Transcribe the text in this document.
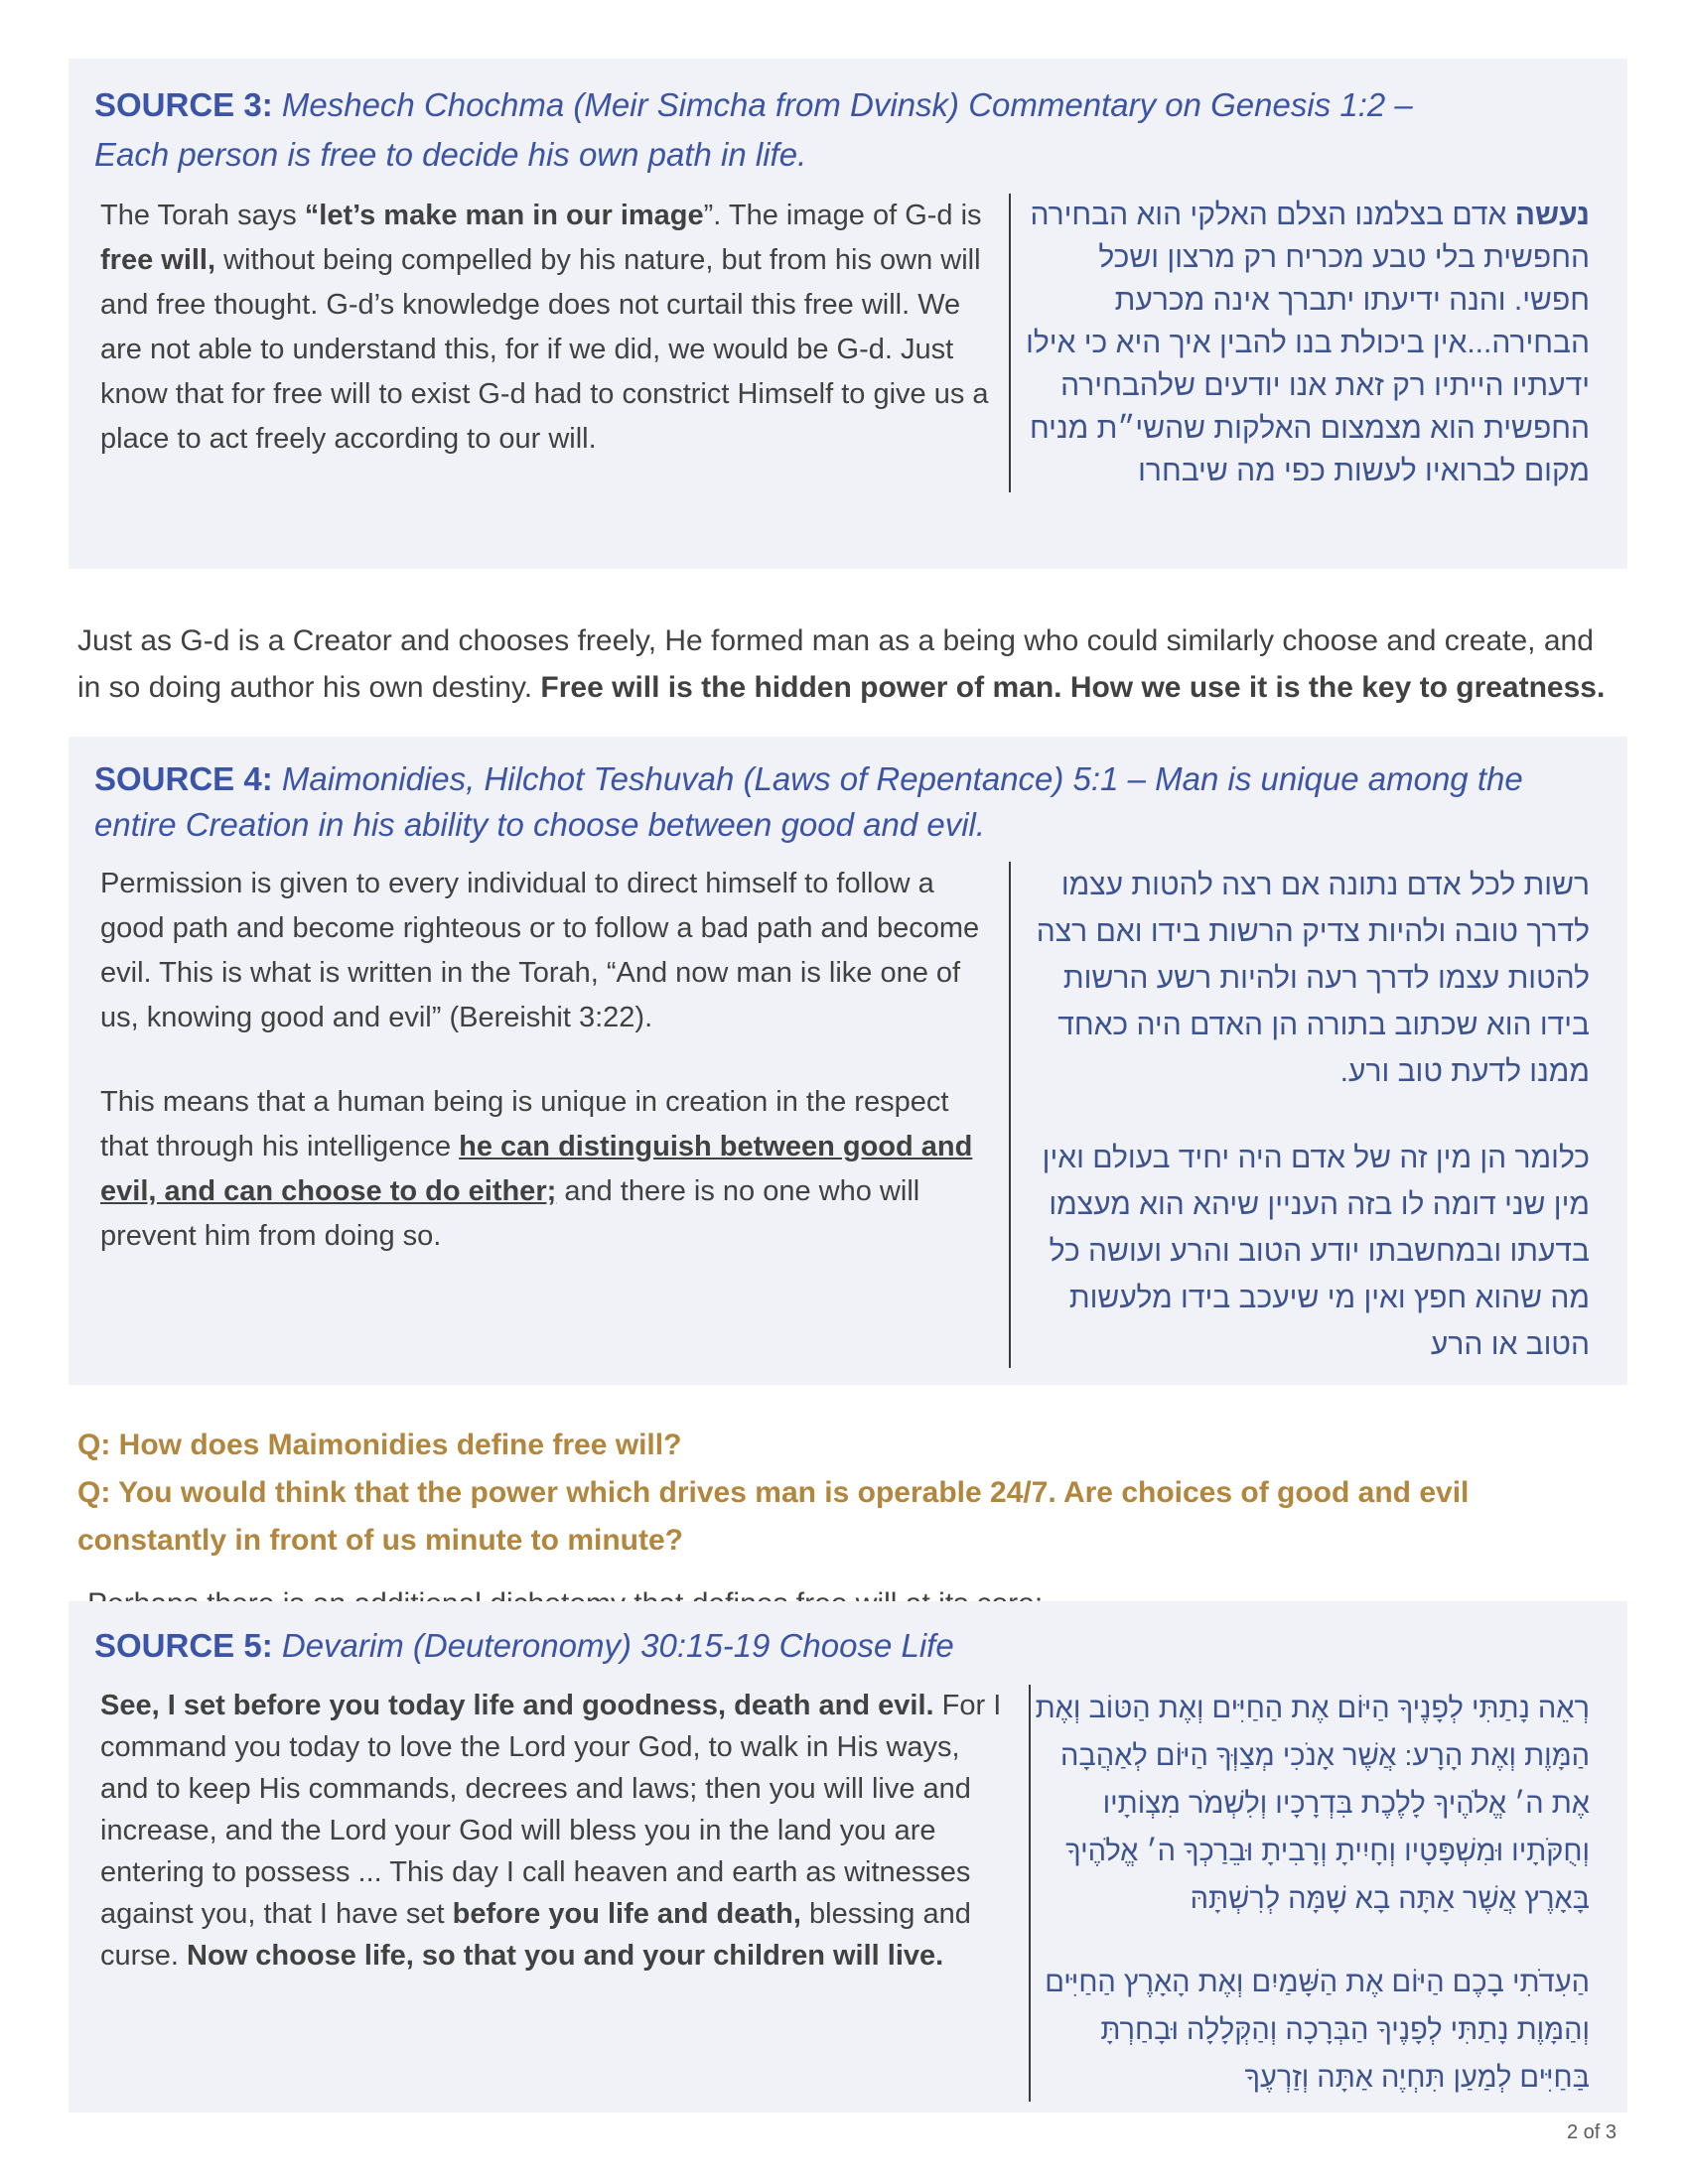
SOURCE 3: Meshech Chochma (Meir Simcha from Dvinsk) Commentary on Genesis 1:2 –
Each person is free to decide his own path in life.

The Torah says “let’s make man in our image”. The image of G-d is free will, without being compelled by his nature, but from his own will and free thought. G-d’s knowledge does not curtail this free will. We are not able to understand this, for if we did, we would be G-d. Just know that for free will to exist G-d had to constrict Himself to give us a place to act freely according to our will.

נעשה אדם בצלמנו הצלם האלקי הוא הבחירה החפשית בלי טבע מכריח רק מרצון ושכל חפשי. והנה ידיעתו יתברך אינה מכרעת הבחירה...אין ביכולת בנו להבין איך היא כי אילו ידעתיו הייתיו רק זאת אנו יודעים שלהבחירה החפשית הוא מצמצום האלקות שהשי״ת מניח מקום לברואיו לעשות כפי מה שיבחרו

Just as G-d is a Creator and chooses freely, He formed man as a being who could similarly choose and create, and in so doing author his own destiny. Free will is the hidden power of man. How we use it is the key to greatness.

SOURCE 4: Maimonidies, Hilchot Teshuvah (Laws of Repentance) 5:1 – Man is unique among the entire Creation in his ability to choose between good and evil.

Permission is given to every individual to direct himself to follow a good path and become righteous or to follow a bad path and become evil. This is what is written in the Torah, “And now man is like one of us, knowing good and evil” (Bereishit 3:22).

This means that a human being is unique in creation in the respect that through his intelligence he can distinguish between good and evil, and can choose to do either; and there is no one who will prevent him from doing so.

רשות לכל אדם נתונה אם רצה להטות עצמו לדרך טובה ולהיות צדיק הרשות בידו ואם רצה להטות עצמו לדרך רעה ולהיות רשע הרשות בידו הוא שכתוב בתורה הן האדם היה כאחד ממנו לדעת טוב ורע.

כלומר הן מין זה של אדם היה יחיד בעולם ואין מין שני דומה לו בזה העניין שיהא הוא מעצמו בדעתו ובמחשבתו יודע הטוב והרע ועושה כל מה שהוא חפץ ואין מי שיעכב בידו מלעשות הטוב או הרע

Q: How does Maimonidies define free will?

Q: You would think that the power which drives man is operable 24/7. Are choices of good and evil constantly in front of us minute to minute?

SOURCE 5: Devarim (Deuteronomy) 30:15-19 Choose Life

See, I set before you today life and goodness, death and evil. For I command you today to love the Lord your God, to walk in His ways, and to keep His commands, decrees and laws; then you will live and increase, and the Lord your God will bless you in the land you are entering to possess ... This day I call heaven and earth as witnesses against you, that I have set before you life and death, blessing and curse. Now choose life, so that you and your children will live.

רְאֵה נָתַתִּי לְפָנֶיךָ הַיּוֹם אֶת הַחַיִּים וְאֶת הַטּוֹב וְאֶת הַמָּוֶת וְאֶת הָרָע: אֲשֶׁר אָנֹכִי מְצַוְּךָ הַיּוֹם לְאַהֲבָה אֶת ה׳ אֱלֹהֶיךָ לָלֶכֶת בִּדְרָכָיו וְלִשְׁמֹר מִצְוֹתָיו וְחֻקֹּתָיו וּמִשְׁפָּטָיו וְחָיִיתָ וְרָבִיתָ וּבֵרַכְךָ ה׳ אֱלֹהֶיךָ בָּאָרֶץ אֲשֶׁר אַתָּה בָא שָׁמָּה לְרִשְׁתָּהּ

הַעִדֹתִי בָכֶם הַיּוֹם אֶת הַשָּׁמַיִם וְאֶת הָאָרֶץ הַחַיִּים וְהַמָּוֶת נָתַתִּי לְפָנֶיךָ הַבְּרָכָה וְהַקְּלָלָה וּבָחַרְתָּ בַּחַיִּים לְמַעַן תִּחְיֶה אַתָּה וְזַרְעֶךָ

2 of 3
